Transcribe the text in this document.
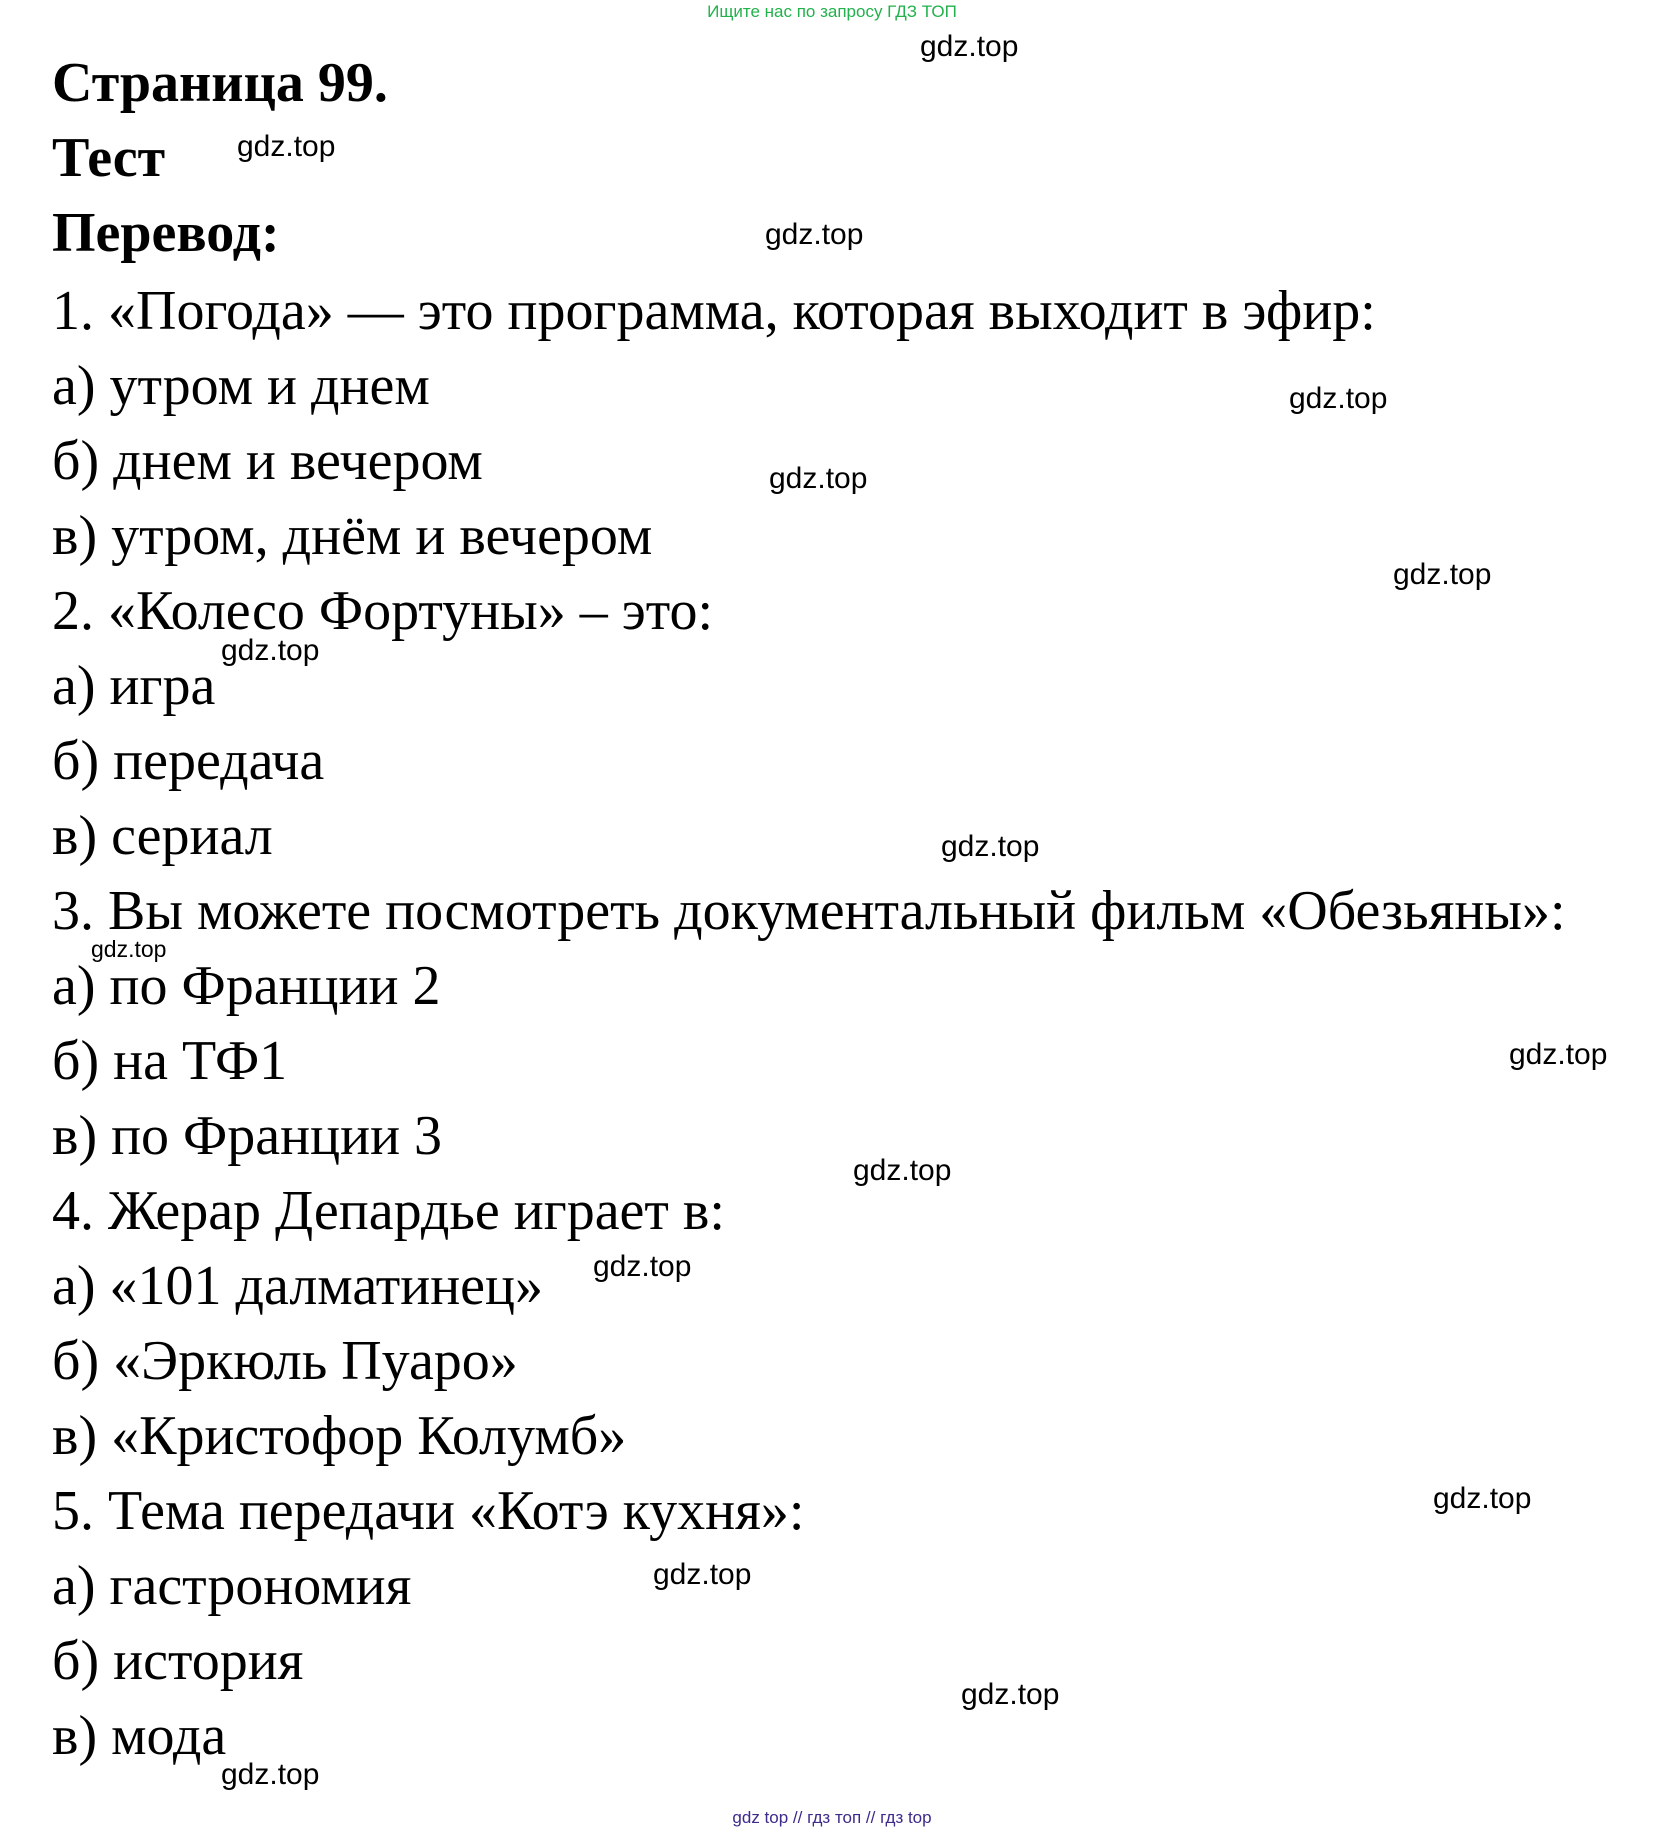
Ищите нас по запросу ГДЗ ТОП
Страница 99.
Тест
Перевод:
1. «Погода» — это программа, которая выходит в эфир:
а) утром и днем
б) днем и вечером
в) утром, днём и вечером
2. «Колесо Фортуны» – это:
а) игра
б) передача
в) сериал
3. Вы можете посмотреть документальный фильм «Обезьяны»:
а) по Франции 2
б) на ТФ1
в) по Франции 3
4. Жерар Депардье играет в:
а) «101 далматинец»
б) «Эркюль Пуаро»
в) «Кристофор Колумб»
5. Тема передачи «Котэ кухня»:
а) гастрономия
б) история
в) мода
gdz.top
gdz.top
gdz.top
gdz.top
gdz.top
gdz.top
gdz.top
gdz.top
gdz.top
gdz.top
gdz.top
gdz.top
gdz.top
gdz.top
gdz.top
gdz.top
gdz top // гдз топ // гдз top
